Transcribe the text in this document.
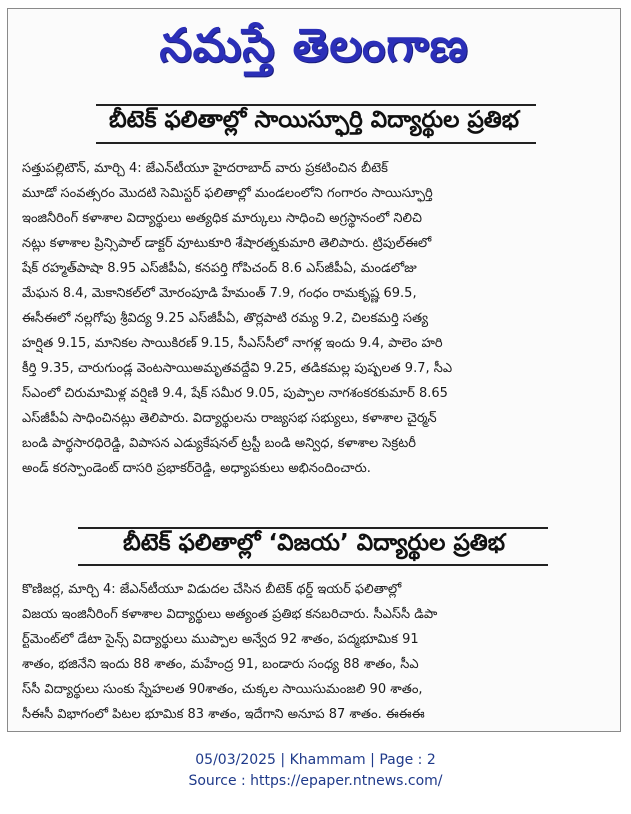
నమస్తే తెలంగాణ
బీటెక్ ఫలితాల్లో సాయిస్ఫూర్తి విద్యార్థుల ప్రతిభ
సత్తుపల్లిటౌన్, మార్చి 4: జేఎన్‌టీయూ హైదరాబాద్ వారు ప్రకటించిన బీటెక్
మూడో సంవత్సరం మొదటి సెమిస్టర్ ఫలితాల్లో మండలంలోని గంగారం సాయిస్ఫూర్తి
ఇంజినీరింగ్ కళాశాల విద్యార్థులు అత్యధిక మార్కులు సాధించి అగ్రస్థానంలో నిలిచి
నట్లు కళాశాల ప్రిన్సిపాల్ డాక్టర్ వూటుకూరి శేషారత్నకుమారి తెలిపారు. ట్రిపుల్‌ఈలో
షేక్ రహ్మత్‌పాషా 8.95 ఎస్‌జీపీఏ, కనపర్తి గోపిచంద్ 8.6 ఎస్‌జీపీఏ, మండలోజు
మేఘన 8.4, మెకానికల్‌లో మోరంపూడి హేమంత్ 7.9, గంధం రామకృష్ణ 69.5,
ఈసీఈలో నల్లగోపు శ్రీవిద్య 9.25 ఎస్‌జీపీఏ, తొర్లపాటి రమ్య 9.2, చిలకమర్తి సత్య
హర్షిత 9.15, మానికల సాయికిరణ్ 9.15, సీఎస్‌సీలో నాగళ్ల ఇందు 9.4, పాలెం హరి
కీర్తి 9.35, చారుగుండ్ల వెంటసాయిఅమృతవద్దేవి 9.25, తడికమల్ల పుష్పలత 9.7, సీఎ
స్ఎంలో చిరుమామిళ్ల వర్షిణి 9.4, షేక్ సమీర 9.05, పుప్పాల నాగశంకరకుమార్ 8.65
ఎస్‌జీపీఏ సాధించినట్లు తెలిపారు. విద్యార్థులను రాజ్యసభ సభ్యులు, కళాశాల చైర్మన్
బండి పార్థసారధిరెడ్డి, విపాసన ఎడ్యుకేషనల్ ట్రస్టీ బండి అన్విధ, కళాశాల సెక్రటరీ
అండ్ కరస్పాండెంట్ దాసరి ప్రభాకర్‌రెడ్డి, అధ్యాపకులు అభినందించారు.
బీటెక్ ఫలితాల్లో ‘విజయ’ విద్యార్థుల ప్రతిభ
కొణిజర్ల, మార్చి 4: జేఎన్‌టీయూ విడుదల చేసిన బీటెక్ థర్డ్ ఇయర్ ఫలితాల్లో
విజయ ఇంజినీరింగ్ కళాశాల విద్యార్థులు అత్యంత ప్రతిభ కనబరిచారు. సీఎస్‌సీ డిపా
ర్ట్‌మెంట్‌లో డేటా సైన్స్ విద్యార్థులు ముప్పాల అన్వేద 92 శాతం, పద్మభూమిక 91
శాతం, భజినేని ఇందు 88 శాతం, మహేంద్ర 91, బండారు సంధ్య 88 శాతం, సీఎ
స్‌సీ విద్యార్థులు సుంకు స్నేహలత 90శాతం, చుక్కల సాయిసుమంజలి 90 శాతం,
సీఈసీ విభాగంలో పిటల భూమిక 83 శాతం, ఇదేగాని అనూప 87 శాతం. ఈఈఈ
05/03/2025 | Khammam | Page : 2
Source : https://epaper.ntnews.com/
